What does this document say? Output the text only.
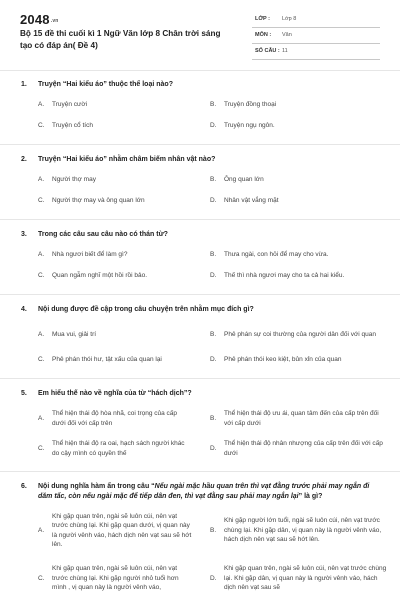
2048.vn
Bộ 15 đề thi cuối kì 1 Ngữ Văn lớp 8 Chân trời sáng tạo có đáp án( Đề 4)
LỚP : Lớp 8
MÔN : Văn
SỐ CÂU : 11
1. Truyện “Hai kiểu áo” thuộc thể loại nào?
A.	Truyện cười	B.	Truyện đồng thoại
C.	Truyện cổ tích	D.	Truyện ngụ ngôn.
2. Truyện “Hai kiểu áo” nhằm châm biếm nhân vật nào?
A.	Người thợ may	B.	Ông quan lớn
C.	Người thợ may và ông quan lớn	D.	Nhân vật vắng mặt
3. Trong các câu sau câu nào có thán từ?
A.	Nhà ngươi biết để làm gì?	B.	Thưa ngài, con hỏi để may cho vừa.
C.	Quan ngẫm nghĩ một hồi rồi bảo.	D.	Thế thì nhà ngươi may cho ta cả hai kiểu.
4. Nội dung được đề cập trong câu chuyện trên nhằm mục đích gì?
A.	Mua vui, giải trí	B.	Phê phán sự coi thường của người dân đối với quan
C.	Phê phán thói hư, tật xấu của quan lại	D.	Phê phán thói keo kiệt, bủn xỉn của quan
5. Em hiểu thế nào về nghĩa của từ “hách dịch”?
A.
Thể hiện thái độ hòa nhã, coi trọng của cấp dưới đối với cấp trên
B.
Thể hiện thái độ ưu ái, quan tâm đến của cấp trên đối với cấp dưới
C.
Thể hiện thái độ ra oai, hạch sách người khác do cậy mình có quyền thế
D.
Thể hiện thái độ nhân nhượng của cấp trên đối với cấp dưới
6. Nội dung nghĩa hàm ẩn trong câu “Nếu ngài mặc hầu quan trên thì vạt đằng trước phải may ngắn đi dăm tấc, còn nếu ngài mặc để tiếp dân đen, thì vạt đằng sau phải may ngắn lại” là gì?
A.
Khi gặp quan trên, ngài sẽ luôn cúi, nên vạt trước chùng lại. Khi gặp quan dưới, vị quan này là người vênh váo, hách dịch nên vạt sau sẽ hớt lên.
B.
Khi gặp người lớn tuổi, ngài sẽ luôn cúi, nên vạt trước chùng lại. Khi gặp dân, vị quan này là người vênh váo, hách dịch nên vạt sau sẽ hớt lên.
C.
Khi gặp quan trên, ngài sẽ luôn cúi, nên vạt trước chùng lại. Khi gặp người nhỏ tuổi hơn mình , vị quan này là người vênh váo,
D.
Khi gặp quan trên, ngài sẽ luôn cúi, nên vạt trước chùng lại. Khi gặp dân, vị quan này là người vênh váo, hách dịch nên vạt sau sẽ
